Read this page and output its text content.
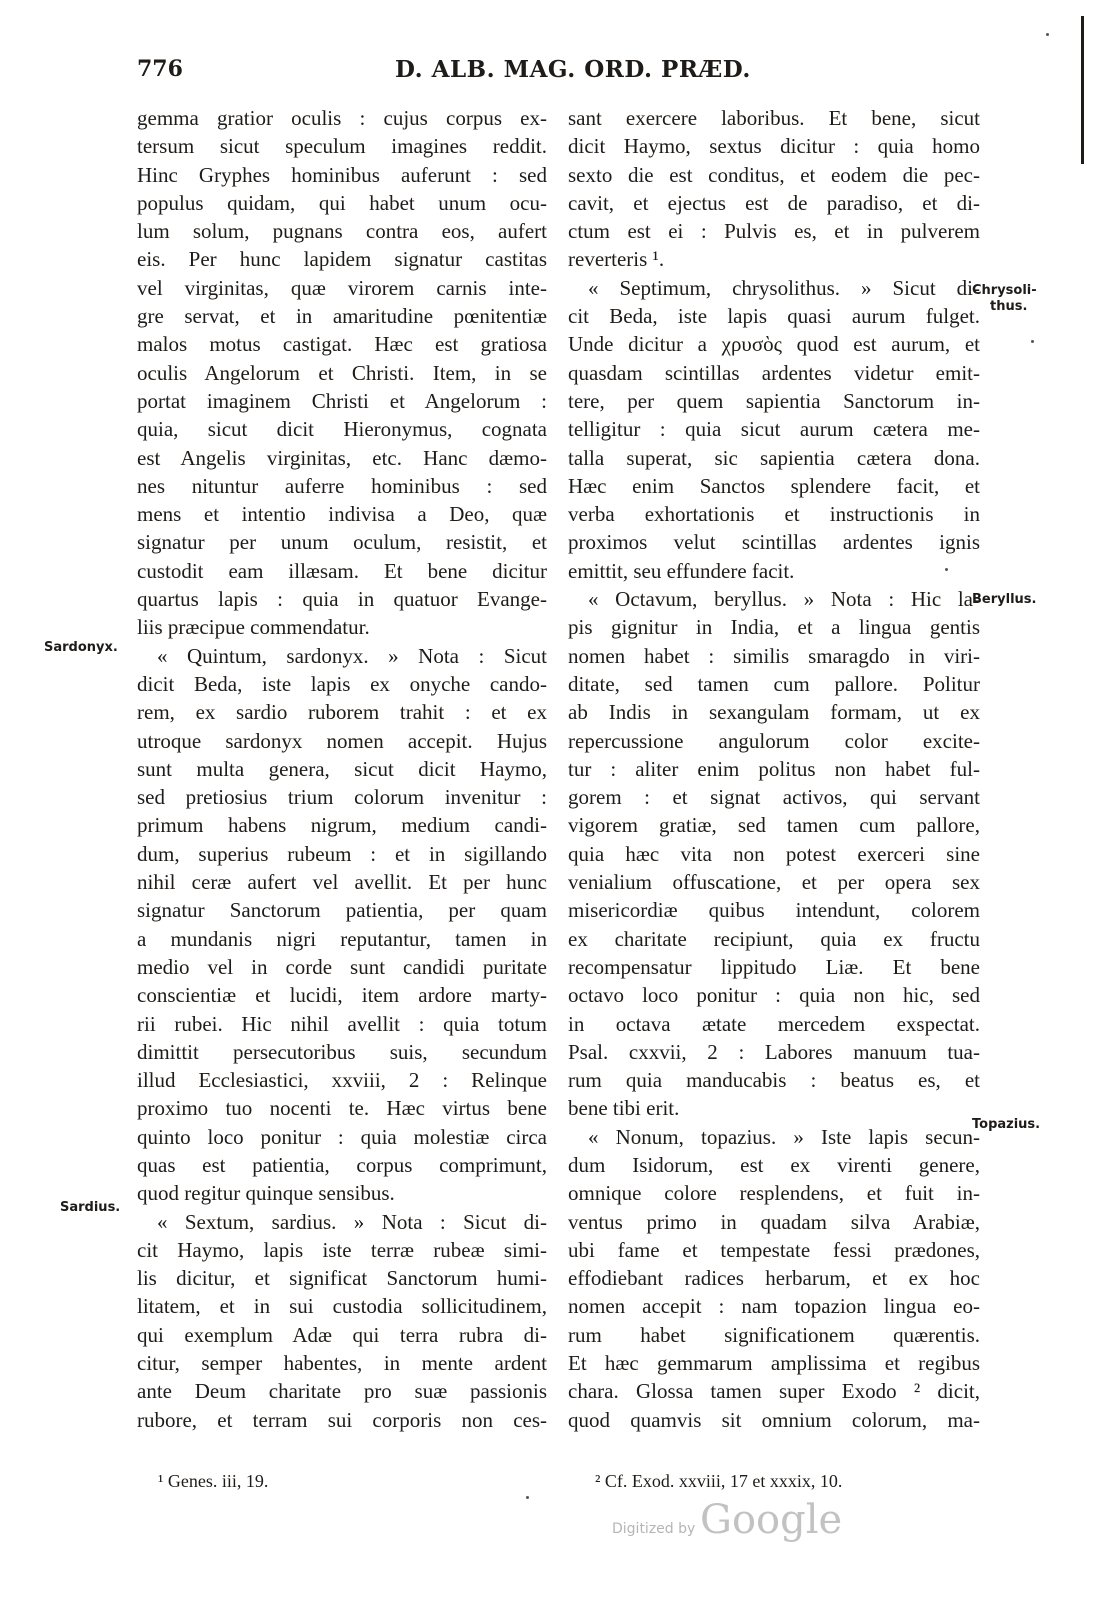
776	D. ALB. MAG. ORD. PRÆD.
gemma gratior oculis : cujus corpus ex-
tersum sicut speculum imagines reddit.
Hinc Gryphes hominibus auferunt : sed
populus quidam, qui habet unum ocu-
lum solum, pugnans contra eos, aufert
eis. Per hunc lapidem signatur castitas
vel virginitas, quæ virorem carnis inte-
gre servat, et in amaritudine pœnitentiæ
malos motus castigat. Hæc est gratiosa
oculis Angelorum et Christi. Item, in se
portat imaginem Christi et Angelorum :
quia, sicut dicit Hieronymus, cognata
est Angelis virginitas, etc. Hanc dæmo-
nes nituntur auferre hominibus : sed
mens et intentio indivisa a Deo, quæ
signatur per unum oculum, resistit, et
custodit eam illæsam. Et bene dicitur
quartus lapis : quia in quatuor Evange-
liis præcipue commendatur.
« Quintum, sardonyx. » Nota : Sicut
dicit Beda, iste lapis ex onyche cando-
rem, ex sardio ruborem trahit : et ex
utroque sardonyx nomen accepit. Hujus
sunt multa genera, sicut dicit Haymo,
sed pretiosius trium colorum invenitur :
primum habens nigrum, medium candi-
dum, superius rubeum : et in sigillando
nihil ceræ aufert vel avellit. Et per hunc
signatur Sanctorum patientia, per quam
a mundanis nigri reputantur, tamen in
medio vel in corde sunt candidi puritate
conscientiæ et lucidi, item ardore marty-
rii rubei. Hic nihil avellit : quia totum
dimittit persecutoribus suis, secundum
illud Ecclesiastici, xxviii, 2 : Relinque
proximo tuo nocenti te. Hæc virtus bene
quinto loco ponitur : quia molestiæ circa
quas est patientia, corpus comprimunt,
quod regitur quinque sensibus.
« Sextum, sardius. » Nota : Sicut di-
cit Haymo, lapis iste terræ rubeæ simi-
lis dicitur, et significat Sanctorum humi-
litatem, et in sui custodia sollicitudinem,
qui exemplum Adæ qui terra rubra di-
citur, semper habentes, in mente ardent
ante Deum charitate pro suæ passionis
rubore, et terram sui corporis non ces-
sant exercere laboribus. Et bene, sicut
dicit Haymo, sextus dicitur : quia homo
sexto die est conditus, et eodem die pec-
cavit, et ejectus est de paradiso, et di-
ctum est ei : Pulvis es, et in pulverem
reverteris ¹.
« Septimum, chrysolithus. » Sicut di-
cit Beda, iste lapis quasi aurum fulget.
Unde dicitur a χρυσὸς quod est aurum, et
quasdam scintillas ardentes videtur emit-
tere, per quem sapientia Sanctorum in-
telligitur : quia sicut aurum cætera me-
talla superat, sic sapientia cætera dona.
Hæc enim Sanctos splendere facit, et
verba exhortationis et instructionis in
proximos velut scintillas ardentes ignis
emittit, seu effundere facit.
« Octavum, beryllus. » Nota : Hic la-
pis gignitur in India, et a lingua gentis
nomen habet : similis smaragdo in viri-
ditate, sed tamen cum pallore. Politur
ab Indis in sexangulam formam, ut ex
repercussione angulorum color excite-
tur : aliter enim politus non habet ful-
gorem : et signat activos, qui servant
vigorem gratiæ, sed tamen cum pallore,
quia hæc vita non potest exerceri sine
venialium offuscatione, et per opera sex
misericordiæ quibus intendunt, colorem
ex charitate recipiunt, quia ex fructu
recompensatur lippitudo Liæ. Et bene
octavo loco ponitur : quia non hic, sed
in octava ætate mercedem exspectat.
Psal. cxxvii, 2 : Labores manuum tua-
rum quia manducabis : beatus es, et
bene tibi erit.
« Nonum, topazius. » Iste lapis secun-
dum Isidorum, est ex virenti genere,
omnique colore resplendens, et fuit in-
ventus primo in quadam silva Arabiæ,
ubi fame et tempestate fessi prædones,
effodiebant radices herbarum, et ex hoc
nomen accepit : nam topazion lingua eo-
rum habet significationem quærentis.
Et hæc gemmarum amplissima et regibus
chara. Glossa tamen super Exodo ² dicit,
quod quamvis sit omnium colorum, ma-
Sardonyx.
Sardius.
Chrysoli-
thus.
Beryllus.
Topazius.
¹ Genes. iii, 19.	² Cf. Exod. xxviii, 17 et xxxix, 10.
Digitized by Google
